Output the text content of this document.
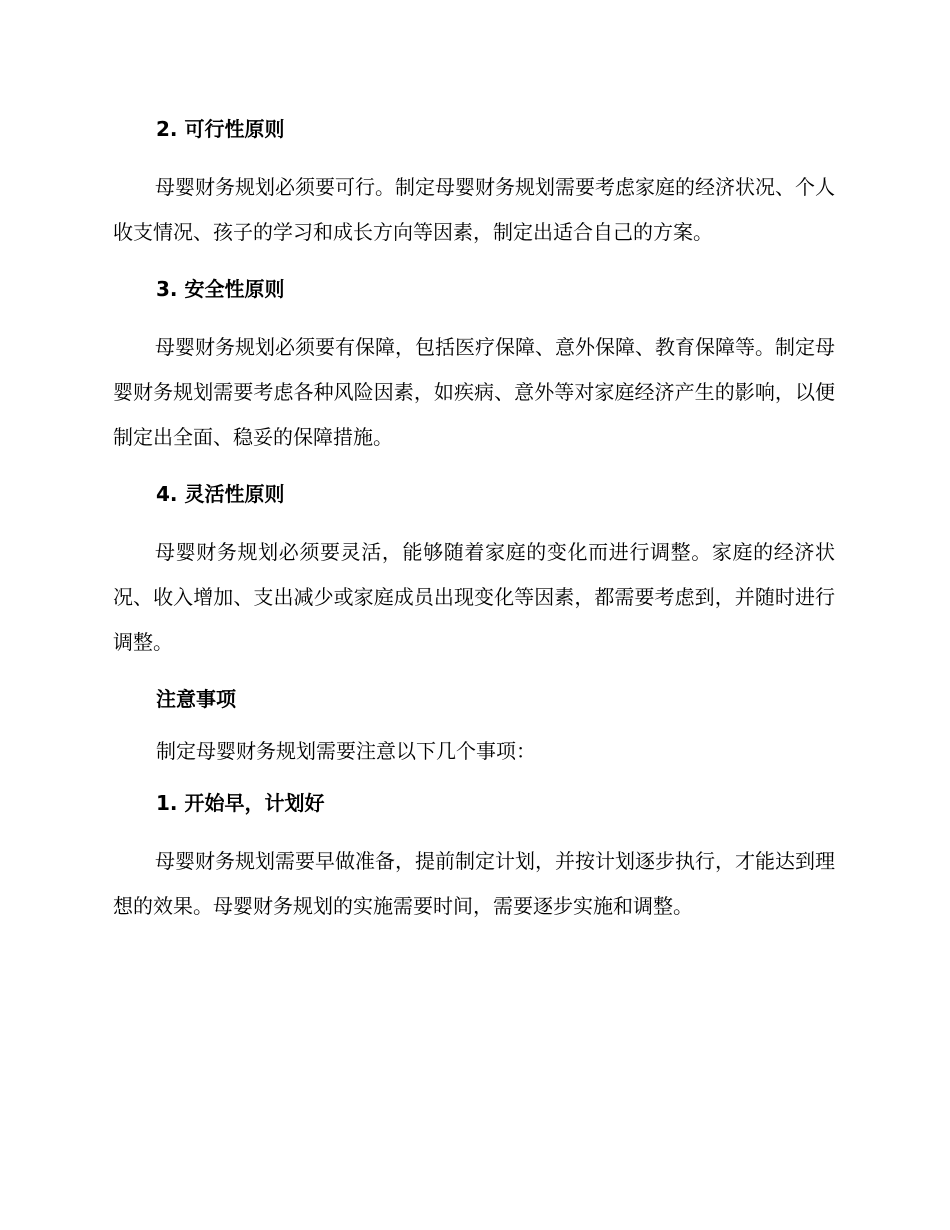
2. 可行性原则

母婴财务规划必须要可行。制定母婴财务规划需要考虑家庭的经济状况、个人收支情况、孩子的学习和成长方向等因素，制定出适合自己的方案。

3. 安全性原则

母婴财务规划必须要有保障，包括医疗保障、意外保障、教育保障等。制定母婴财务规划需要考虑各种风险因素，如疾病、意外等对家庭经济产生的影响，以便制定出全面、稳妥的保障措施。

4. 灵活性原则

母婴财务规划必须要灵活，能够随着家庭的变化而进行调整。家庭的经济状况、收入增加、支出减少或家庭成员出现变化等因素，都需要考虑到，并随时进行调整。

注意事项

制定母婴财务规划需要注意以下几个事项：

1. 开始早，计划好

母婴财务规划需要早做准备，提前制定计划，并按计划逐步执行，才能达到理想的效果。母婴财务规划的实施需要时间，需要逐步实施和调整。
